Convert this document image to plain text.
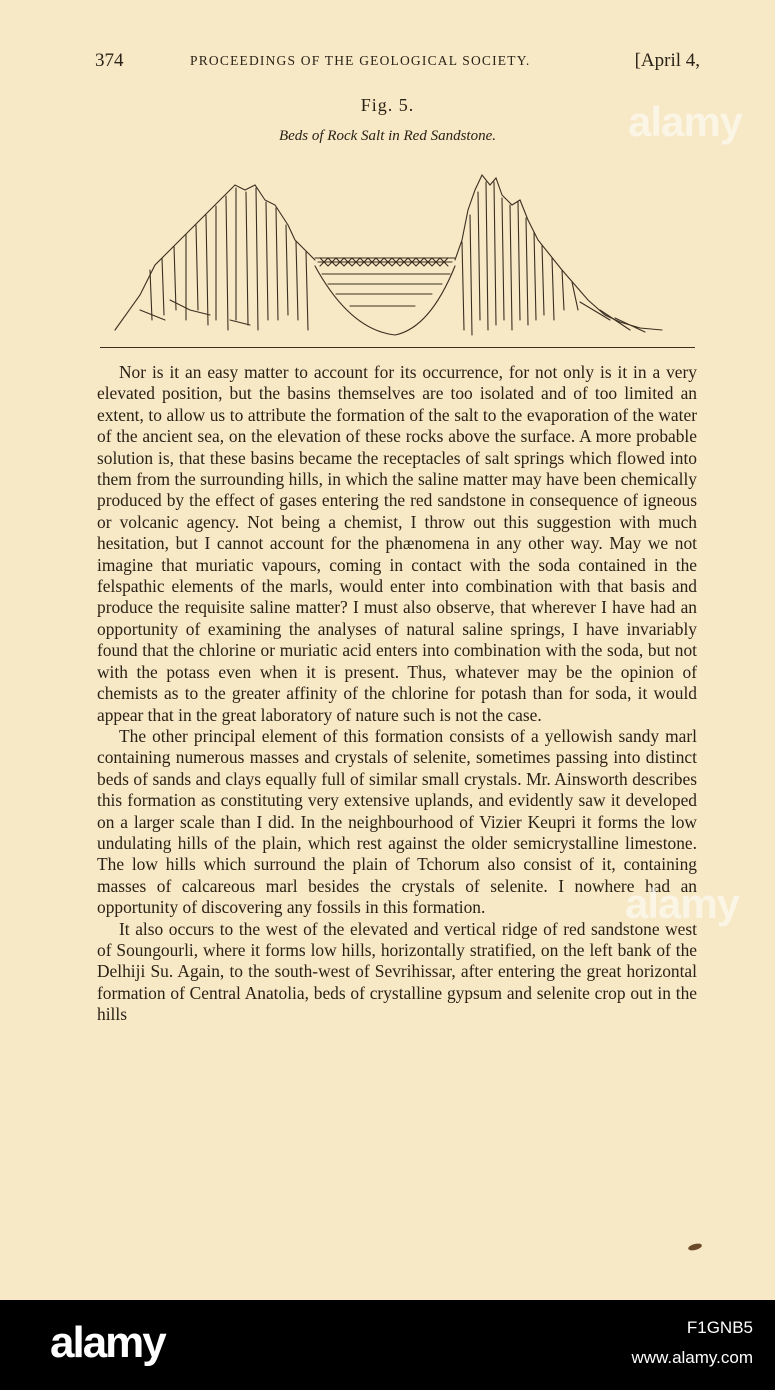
374	PROCEEDINGS OF THE GEOLOGICAL SOCIETY.	[April 4,
Fig. 5.
Beds of Rock Salt in Red Sandstone.

Nor is it an easy matter to account for its occurrence, for not only is it in a very elevated position, but the basins themselves are too isolated and of too limited an extent, to allow us to attribute the formation of the salt to the evaporation of the water of the ancient sea, on the elevation of these rocks above the surface. A more probable solution is, that these basins became the receptacles of salt springs which flowed into them from the surrounding hills, in which the saline matter may have been chemically produced by the effect of gases entering the red sandstone in consequence of igneous or volcanic agency. Not being a chemist, I throw out this suggestion with much hesitation, but I cannot account for the phænomena in any other way. May we not imagine that muriatic vapours, coming in contact with the soda contained in the felspathic elements of the marls, would enter into combination with that basis and produce the requisite saline matter? I must also observe, that wherever I have had an opportunity of examining the analyses of natural saline springs, I have invariably found that the chlorine or muriatic acid enters into combination with the soda, but not with the potass even when it is present. Thus, whatever may be the opinion of chemists as to the greater affinity of the chlorine for potash than for soda, it would appear that in the great laboratory of nature such is not the case.

The other principal element of this formation consists of a yellowish sandy marl containing numerous masses and crystals of selenite, sometimes passing into distinct beds of sands and clays equally full of similar small crystals. Mr. Ainsworth describes this formation as constituting very extensive uplands, and evidently saw it developed on a larger scale than I did. In the neighbourhood of Vizier Keupri it forms the low undulating hills of the plain, which rest against the older semicrystalline limestone. The low hills which surround the plain of Tchorum also consist of it, containing masses of calcareous marl besides the crystals of selenite. I nowhere had an opportunity of discovering any fossils in this formation.

It also occurs to the west of the elevated and vertical ridge of red sandstone west of Soungourli, where it forms low hills, horizontally stratified, on the left bank of the Delhiji Su. Again, to the south-west of Sevrihissar, after entering the great horizontal formation of Central Anatolia, beds of crystalline gypsum and selenite crop out in the hills

alamy
alamy
alamy	F1GNB5
www.alamy.com
